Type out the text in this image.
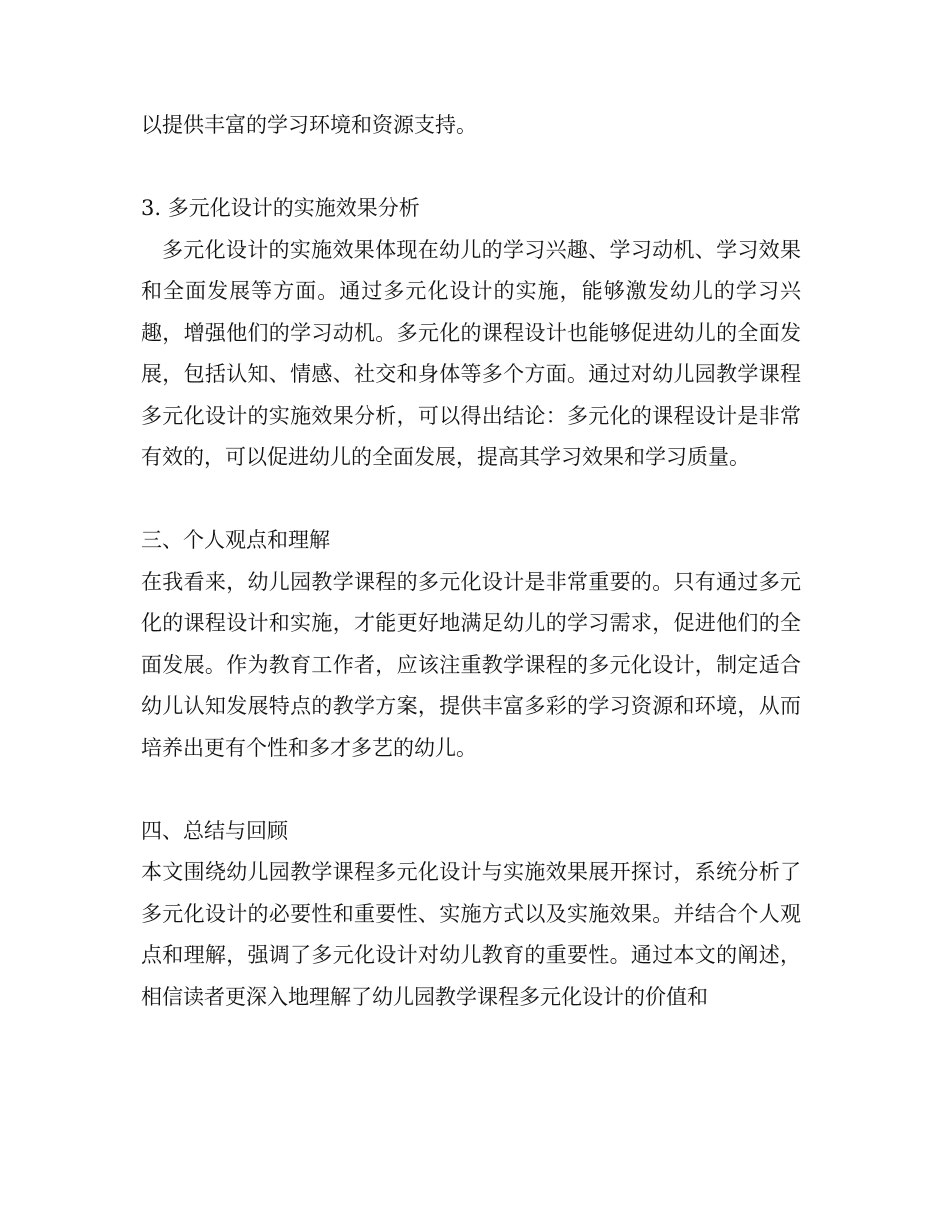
以提供丰富的学习环境和资源支持。

3. 多元化设计的实施效果分析

多元化设计的实施效果体现在幼儿的学习兴趣、学习动机、学习效果和全面发展等方面。通过多元化设计的实施，能够激发幼儿的学习兴趣，增强他们的学习动机。多元化的课程设计也能够促进幼儿的全面发展，包括认知、情感、社交和身体等多个方面。通过对幼儿园教学课程多元化设计的实施效果分析，可以得出结论：多元化的课程设计是非常有效的，可以促进幼儿的全面发展，提高其学习效果和学习质量。

三、个人观点和理解

在我看来，幼儿园教学课程的多元化设计是非常重要的。只有通过多元化的课程设计和实施，才能更好地满足幼儿的学习需求，促进他们的全面发展。作为教育工作者，应该注重教学课程的多元化设计，制定适合幼儿认知发展特点的教学方案，提供丰富多彩的学习资源和环境，从而培养出更有个性和多才多艺的幼儿。

四、总结与回顾

本文围绕幼儿园教学课程多元化设计与实施效果展开探讨，系统分析了多元化设计的必要性和重要性、实施方式以及实施效果。并结合个人观点和理解，强调了多元化设计对幼儿教育的重要性。通过本文的阐述，相信读者更深入地理解了幼儿园教学课程多元化设计的价值和
